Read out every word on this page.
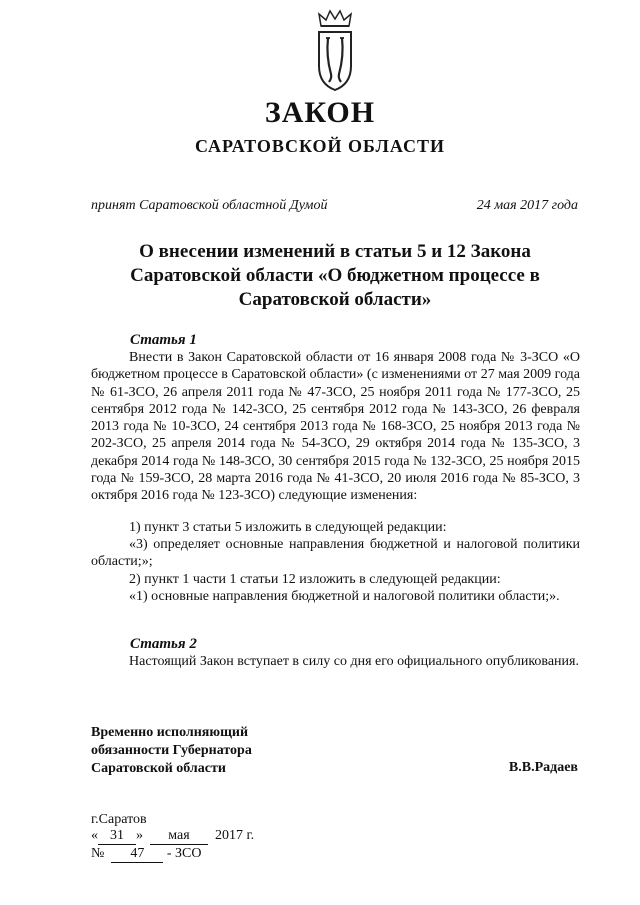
ЗАКОН
САРАТОВСКОЙ ОБЛАСТИ
принят Саратовской областной Думой	24 мая 2017 года
О внесении изменений в статьи 5 и 12 Закона Саратовской области «О бюджетном процессе в Саратовской области»
Статья 1
Внести в Закон Саратовской области от 16 января 2008 года № 3-ЗСО «О бюджетном процессе в Саратовской области» (с изменениями от 27 мая 2009 года № 61-ЗСО, 26 апреля 2011 года № 47-ЗСО, 25 ноября 2011 года № 177-ЗСО, 25 сентября 2012 года № 142-ЗСО, 25 сентября 2012 года № 143-ЗСО, 26 февраля 2013 года № 10-ЗСО, 24 сентября 2013 года № 168-ЗСО, 25 ноября 2013 года № 202-ЗСО, 25 апреля 2014 года № 54-ЗСО, 29 октября 2014 года № 135-ЗСО, 3 декабря 2014 года № 148-ЗСО, 30 сентября 2015 года № 132-ЗСО, 25 ноября 2015 года № 159-ЗСО, 28 марта 2016 года № 41-ЗСО, 20 июля 2016 года № 85-ЗСО, 3 октября 2016 года № 123-ЗСО) следующие изменения:
1) пункт 3 статьи 5 изложить в следующей редакции:
«3) определяет основные направления бюджетной и налоговой политики области;»;
2) пункт 1 части 1 статьи 12 изложить в следующей редакции:
«1) основные направления бюджетной и налоговой политики области;».
Статья 2
Настоящий Закон вступает в силу со дня его официального опубликования.
Временно исполняющий
обязанности Губернатора
Саратовской области	В.В.Радаев
г.Саратов
« 31 »  мая 2017 г.
№  47 - ЗСО
